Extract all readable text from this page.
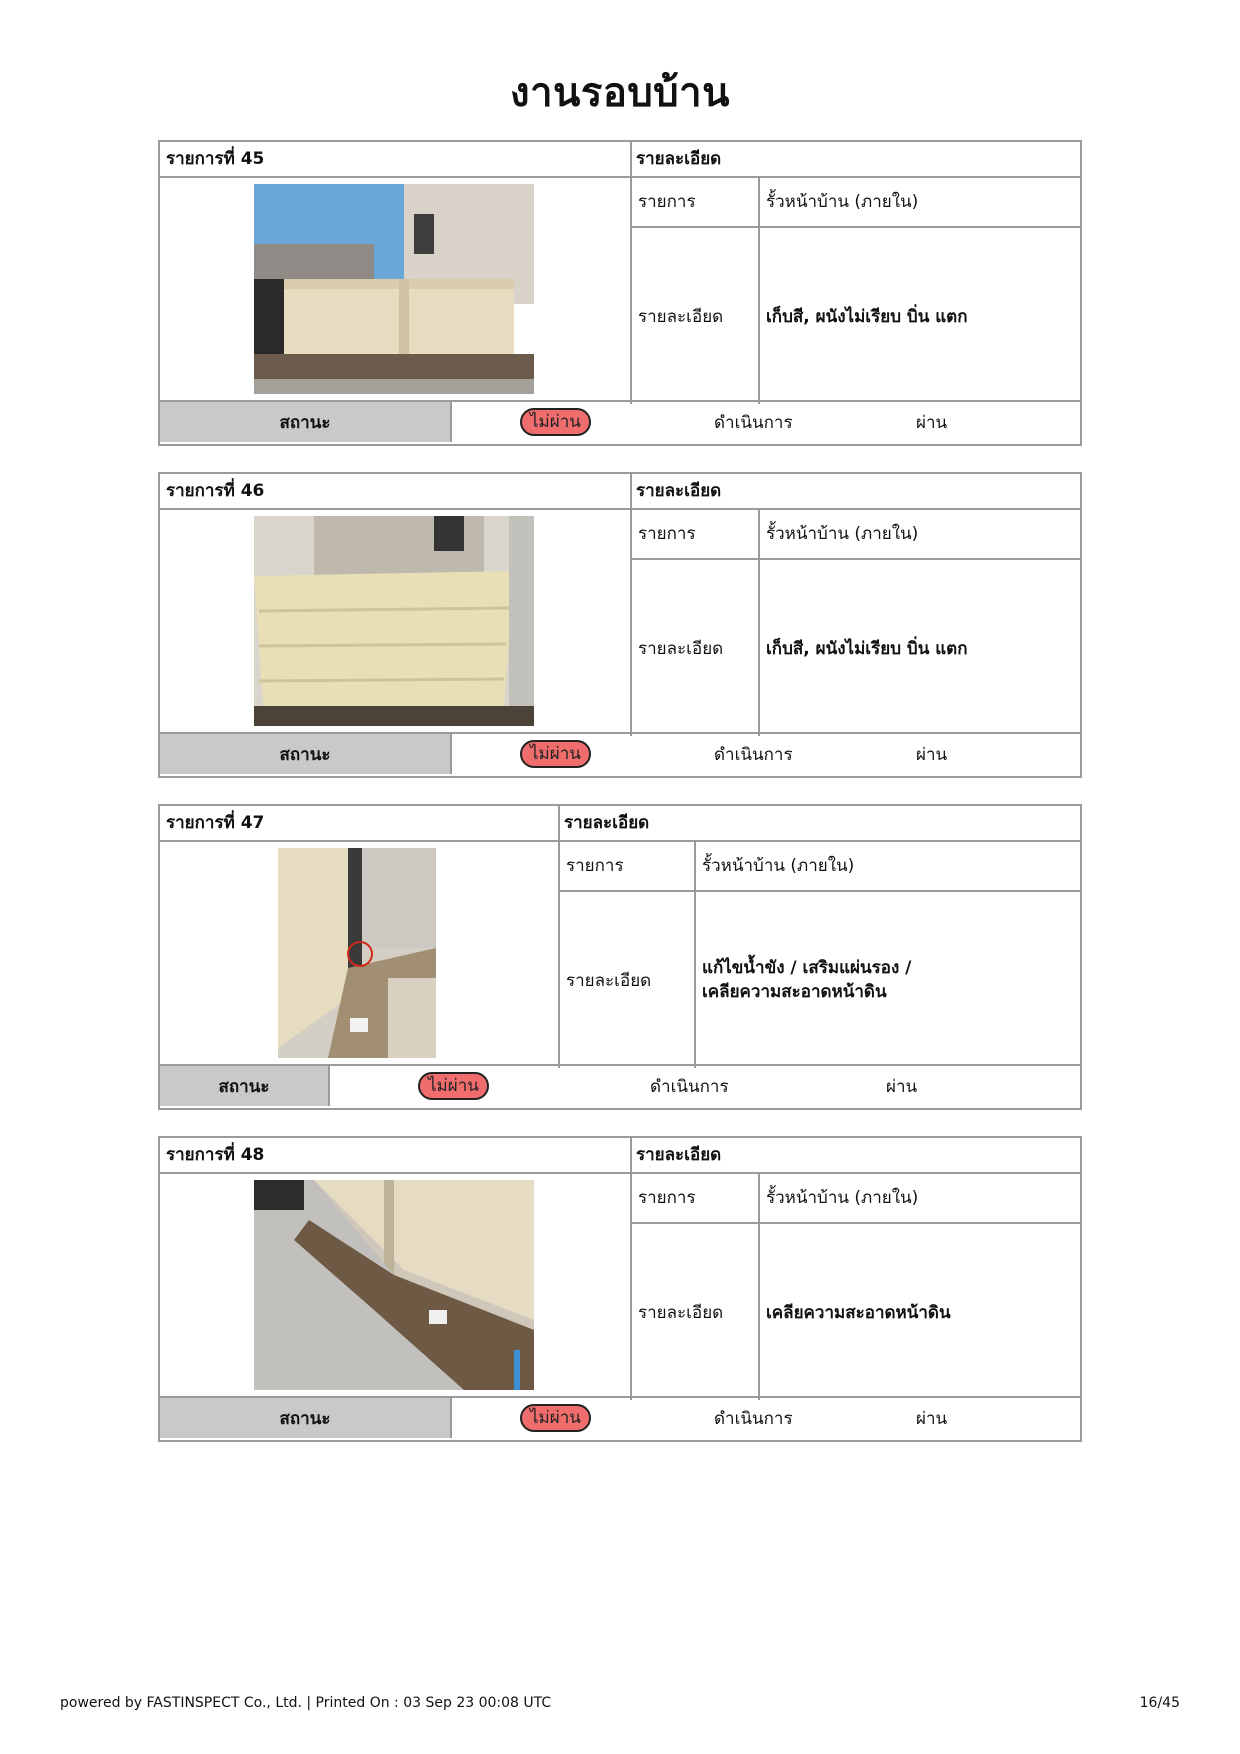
งานรอบบ้าน
รายการที่ 45	รายละเอียด
รายการ	รั้วหน้าบ้าน (ภายใน)
รายละเอียด	เก็บสี, ผนังไม่เรียบ บิ่น แตก
สถานะ	ไม่ผ่าน	ดำเนินการ	ผ่าน
รายการที่ 46	รายละเอียด
รายการ	รั้วหน้าบ้าน (ภายใน)
รายละเอียด	เก็บสี, ผนังไม่เรียบ บิ่น แตก
สถานะ	ไม่ผ่าน	ดำเนินการ	ผ่าน
รายการที่ 47	รายละเอียด
รายการ	รั้วหน้าบ้าน (ภายใน)
รายละเอียด
แก้ไขน้ำขัง / เสริมแผ่นรอง /
เคลียความสะอาดหน้าดิน
สถานะ	ไม่ผ่าน	ดำเนินการ	ผ่าน
รายการที่ 48	รายละเอียด
รายการ	รั้วหน้าบ้าน (ภายใน)
รายละเอียด	เคลียความสะอาดหน้าดิน
สถานะ	ไม่ผ่าน	ดำเนินการ	ผ่าน
powered by FASTINSPECT Co., Ltd. | Printed On : 03 Sep 23 00:08 UTC	16/45
